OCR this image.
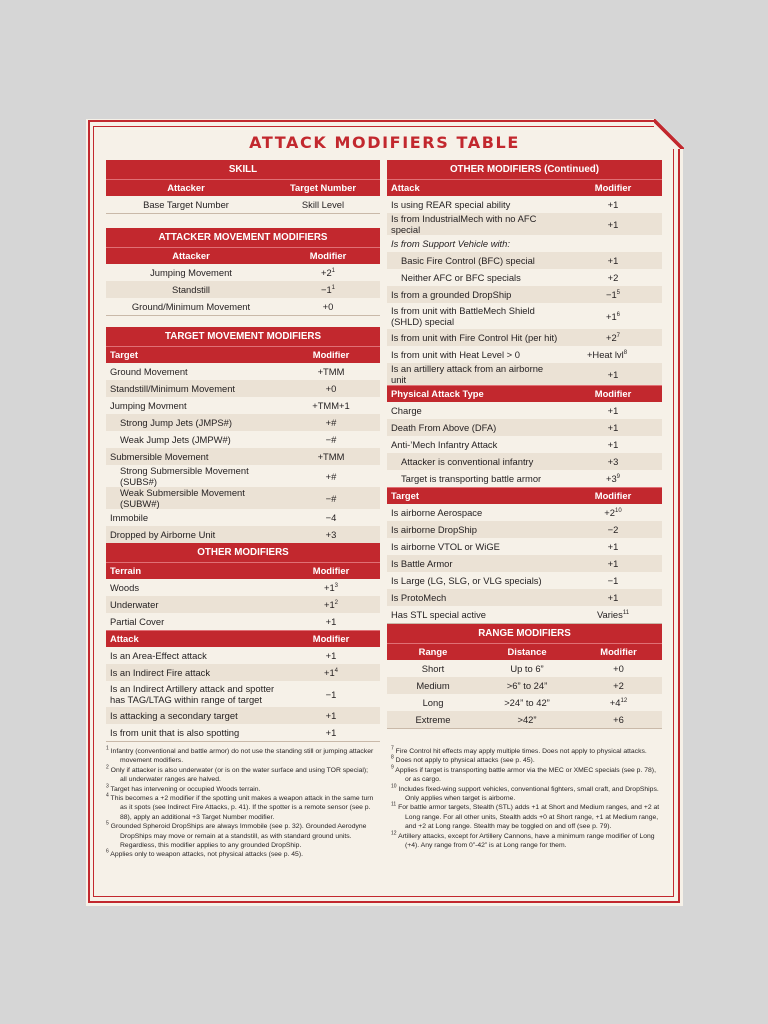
ATTACK MODIFIERS TABLE
SKILL
Attacker	Target Number
Base Target Number	Skill Level
ATTACKER MOVEMENT MODIFIERS
Attacker	Modifier
Jumping Movement	$+2^1$
Standstill	$-1^1$
Ground/Minimum Movement	+0
TARGET MOVEMENT MODIFIERS
Target	Modifier
Ground Movement	+TMM
Standstill/Minimum Movement	+0
Jumping Movment	+TMM+1
Strong Jump Jets (JMPS#)	+#
Weak Jump Jets (JMPW#)	−#
Submersible Movement	+TMM
Strong Submersible Movement (SUBS#)	+#
Weak Submersible Movement (SUBW#)	−#
Immobile	−4
Dropped by Airborne Unit	+3
OTHER MODIFIERS
Terrain	Modifier
Woods	$+1^3$
Underwater	$+1^2$
Partial Cover	+1
Attack	Modifier
Is an Area-Effect attack	+1
Is an Indirect Fire attack	$+1^4$
Is an Indirect Artillery attack and spotter has TAG/LTAG within range of target	−1
Is attacking a secondary target	+1
Is from unit that is also spotting	+1
OTHER MODIFIERS (Continued)
Attack	Modifier
Is using REAR special ability	+1
Is from IndustrialMech with no AFC special	+1
Is from Support Vehicle with:
Basic Fire Control (BFC) special	+1
Neither AFC or BFC specials	+2
Is from a grounded DropShip	$-1^5$
Is from unit with BattleMech Shield (SHLD) special	$+1^6$
Is from unit with Fire Control Hit (per hit)	$+2^7$
Is from unit with Heat Level > 0	+Heat lvl$^8$
Is an artillery attack from an airborne unit	+1
Physical Attack Type	Modifier
Charge	+1
Death From Above (DFA)	+1
Anti-’Mech Infantry Attack	+1
Attacker is conventional infantry	+3
Target is transporting battle armor	$+3^9$
Target	Modifier
Is airborne Aerospace	$+2^{10}$
Is airborne DropShip	−2
Is airborne VTOL or WiGE	+1
Is Battle Armor	+1
Is Large (LG, SLG, or VLG specials)	−1
Is ProtoMech	+1
Has STL special active	Varies$^{11}$
RANGE MODIFIERS
Range	Distance	Modifier
Short	Up to 6”	+0
Medium	>6” to 24”	+2
Long	>24” to 42”	$+4^{12}$
Extreme	>42”	+6

$^1$ Infantry (conventional and battle armor) do not use the standing still or jumping attacker movement modifiers.

$^2$ Only if attacker is also underwater (or is on the water surface and using TOR special); all underwater ranges are halved.

$^3$ Target has intervening or occupied Woods terrain.

$^4$ This becomes a +2 modifier if the spotting unit makes a weapon attack in the same turn as it spots (see Indirect Fire Attacks, p. 41). If the spotter is a remote sensor (see p. 88), apply an additional +3 Target Number modifier.

$^5$ Grounded Spheroid DropShips are always Immobile (see p. 32). Grounded Aerodyne DropShips may move or remain at a standstill, as with standard ground units. Regardless, this modifier applies to any grounded DropShip.

$^6$ Applies only to weapon attacks, not physical attacks (see p. 45).

$^7$ Fire Control hit effects may apply multiple times. Does not apply to physical attacks.

$^8$ Does not apply to physical attacks (see p. 45).

$^9$ Applies if target is transporting battle armor via the MEC or XMEC specials (see p. 78), or as cargo.

$^{10}$ Includes fixed-wing support vehicles, conventional fighters, small craft, and DropShips. Only applies when target is airborne.

$^{11}$ For battle armor targets, Stealth (STL) adds +1 at Short and Medium ranges, and +2 at Long range. For all other units, Stealth adds +0 at Short range, +1 at Medium range, and +2 at Long range. Stealth may be toggled on and off (see p. 79).

$^{12}$ Artillery attacks, except for Artillery Cannons, have a minimum range modifier of Long (+4). Any range from 0”-42” is at Long range for them.
